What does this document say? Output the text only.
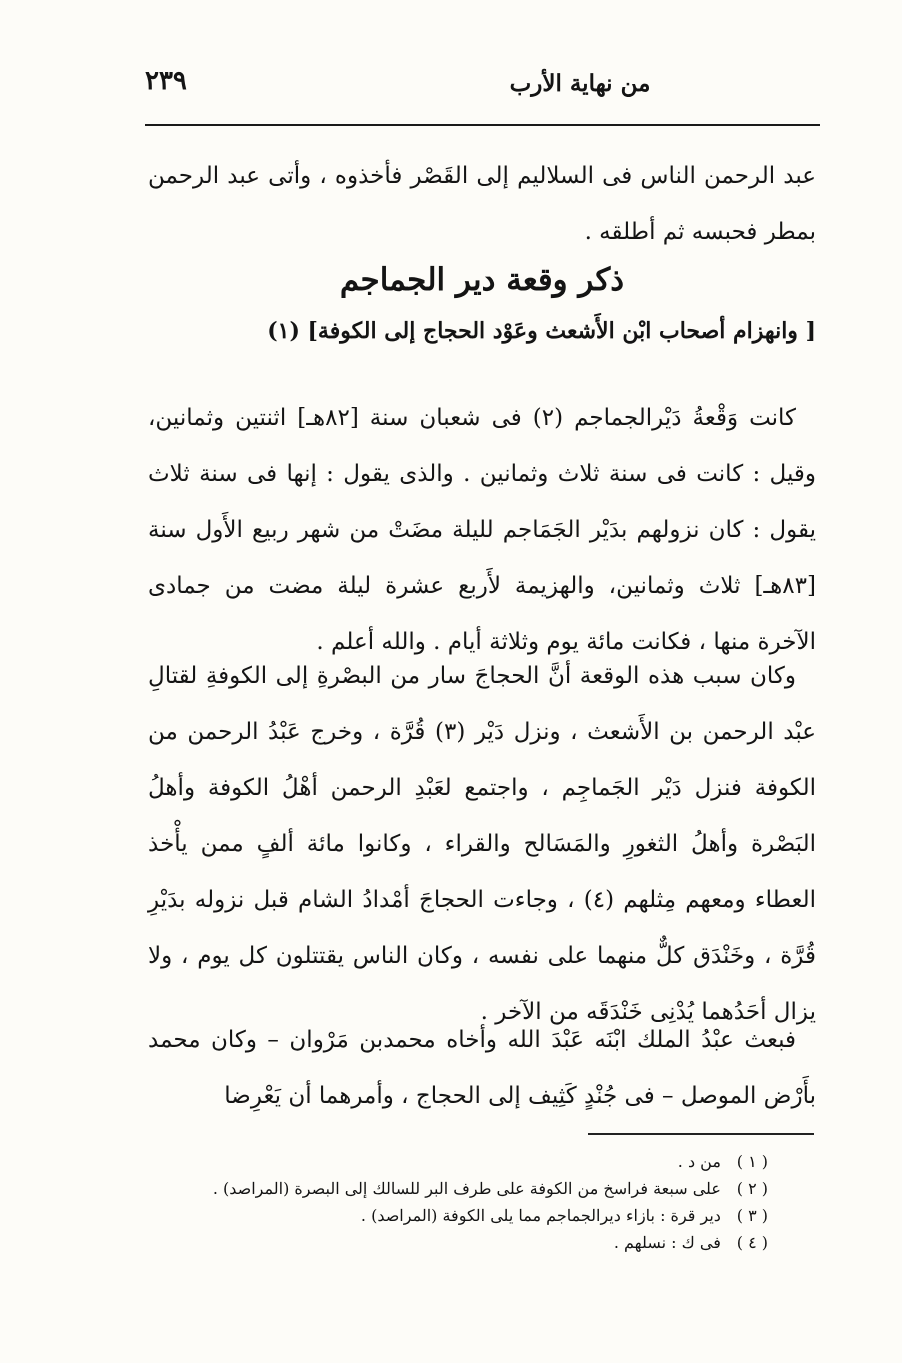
٢٣٩	من نهاية الأرب
عبد الرحمن الناس فى السلاليم إلى القَصْر فأخذوه ، وأتى عبد الرحمن بمطر فحبسه ثم أطلقه .
ذكر وقعة دير الجماجم
[ وانهزام أصحاب ابْن الأَشعث وعَوْد الحجاج إلى الكوفة] (١)
كانت وَقْعةُ دَيْرالجماجم (٢) فى شعبان سنة [٨٢هـ] اثنتين وثمانين، وقيل : كانت فى سنة ثلاث وثمانين . والذى يقول : إنها فى سنة ثلاث يقول : كان نزولهم بدَيْر الجَمَاجم لليلة مضَتْ من شهر ربيع الأَول سنة [٨٣هـ] ثلاث وثمانين، والهزيمة لأَربع عشرة ليلة مضت من جمادى الآخرة منها ، فكانت مائة يوم وثلاثة أيام . والله أعلم .
وكان سبب هذه الوقعة أنَّ الحجاجَ سار من البصْرةِ إلى الكوفةِ لقتالِ عبْد الرحمن بن الأَشعث ، ونزل دَيْر (٣) قُرَّة ، وخرج عَبْدُ الرحمن من الكوفة فنزل دَيْر الجَماجِم ، واجتمع لعَبْدِ الرحمن أهْلُ الكوفة وأهلُ البَصْرة وأهلُ الثغورِ والمَسَالح والقراء ، وكانوا مائة ألفٍ ممن يأْخذ العطاء ومعهم مِثلهم (٤) ، وجاءت الحجاجَ أمْدادُ الشام قبل نزوله بدَيْرِ قُرَّة ، وخَنْدَق كلٌّ منهما على نفسه ، وكان الناس يقتتلون كل يوم ، ولا يزال أحَدُهما يُدْنِى خَنْدَقَه من الآخر .
فبعث عبْدُ الملك ابْنَه عَبْدَ الله وأخاه محمدبن مَرْوان – وكان محمد بأَرْض الموصل – فى جُنْدٍ كَثِيف إلى الحجاج ، وأمرهما أن يَعْرِضا
( ١ ) من د .
( ٢ ) على سبعة فراسخ من الكوفة على طرف البر للسالك إلى البصرة (المراصد) .
( ٣ ) دير قرة : بازاء ديرالجماجم مما يلى الكوفة (المراصد) .
( ٤ ) فى ك : نسلهم .
